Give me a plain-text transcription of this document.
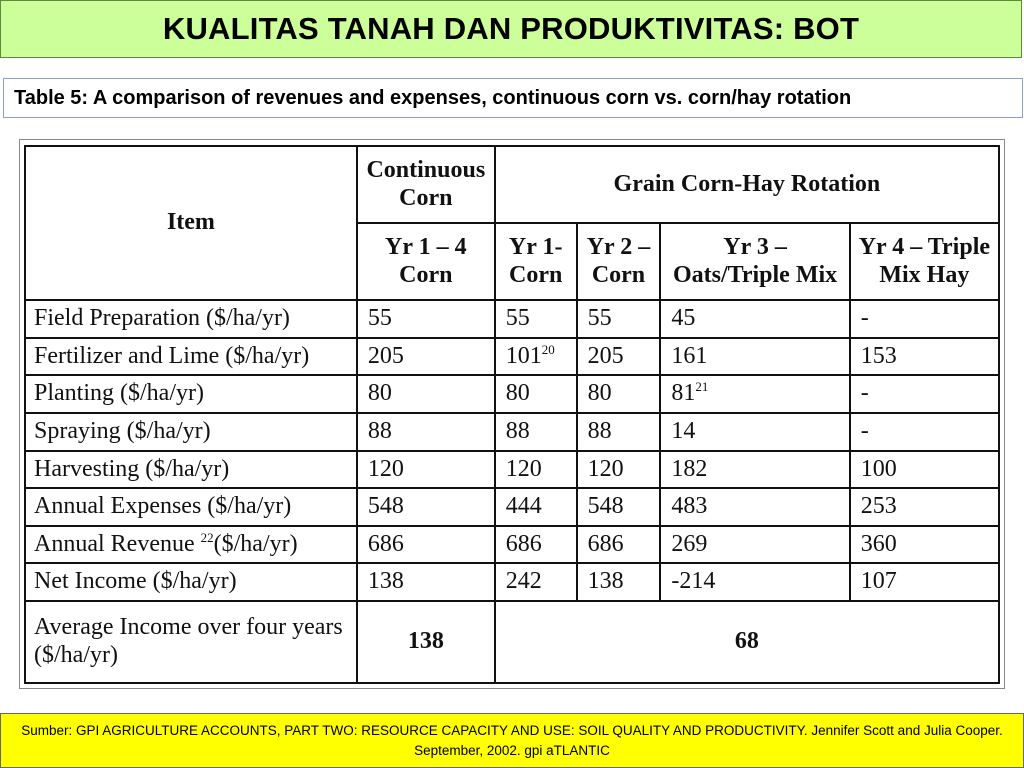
KUALITAS TANAH DAN PRODUKTIVITAS: BOT
Table 5: A comparison of revenues and expenses, continuous corn vs. corn/hay rotation
Item	Continuous Corn	Grain Corn-Hay Rotation			
	Yr 1 – 4 Corn	Yr 1- Corn	Yr 2 – Corn	Yr 3 – Oats/Triple Mix	Yr 4 – Triple Mix Hay
Field Preparation ($/ha/yr)	55	55	55	45	-
Fertilizer and Lime ($/ha/yr)	205	$101^{20}$	205	161	153
Planting ($/ha/yr)	80	80	80	$81^{21}$	-
Spraying ($/ha/yr)	88	88	88	14	-
Harvesting ($/ha/yr)	120	120	120	182	100
Annual Expenses ($/ha/yr)	548	444	548	483	253
Annual Revenue $^{22}$($/ha/yr)	686	686	686	269	360
Net Income ($/ha/yr)	138	242	138	-214	107
Average Income over four years ($/ha/yr)	138	68			
Sumber: GPI AGRICULTURE ACCOUNTS, PART TWO: RESOURCE CAPACITY AND USE: SOIL QUALITY AND PRODUCTIVITY. Jennifer Scott and Julia Cooper. September, 2002. gpi aTLANTIC
